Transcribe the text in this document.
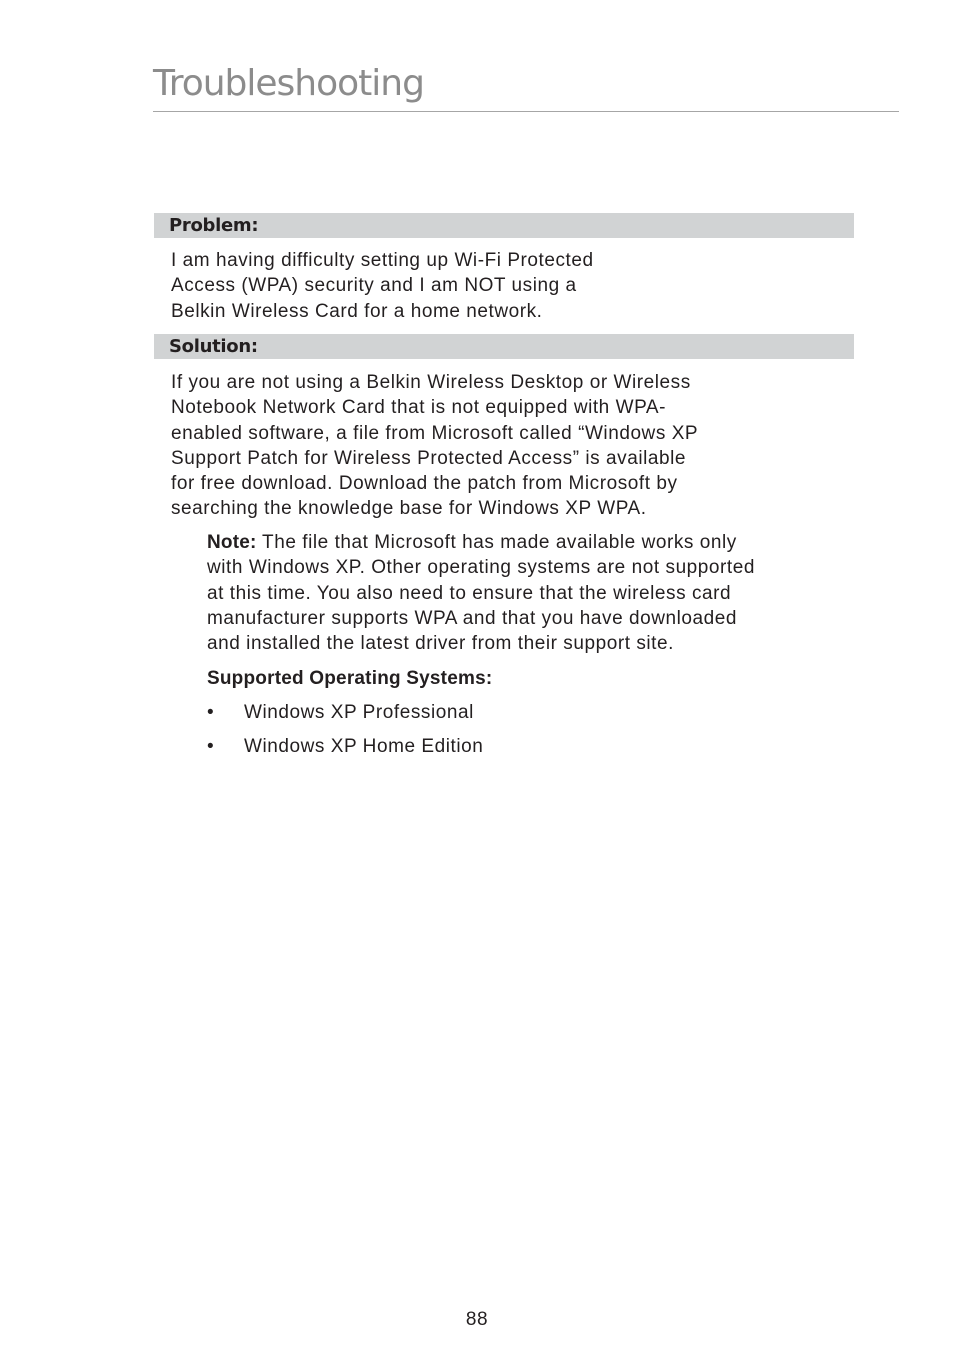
Troubleshooting
Problem:

I am having difficulty setting up Wi-Fi Protected
Access (WPA) security and I am NOT using a
Belkin Wireless Card for a home network.

Solution:

If you are not using a Belkin Wireless Desktop or Wireless
Notebook Network Card that is not equipped with WPA-
enabled software, a file from Microsoft called “Windows XP
Support Patch for Wireless Protected Access” is available
for free download. Download the patch from Microsoft by
searching the knowledge base for Windows XP WPA.

Note: The file that Microsoft has made available works only
with Windows XP. Other operating systems are not supported
at this time. You also need to ensure that the wireless card
manufacturer supports WPA and that you have downloaded
and installed the latest driver from their support site.

Supported Operating Systems:

• Windows XP Professional
• Windows XP Home Edition
88
